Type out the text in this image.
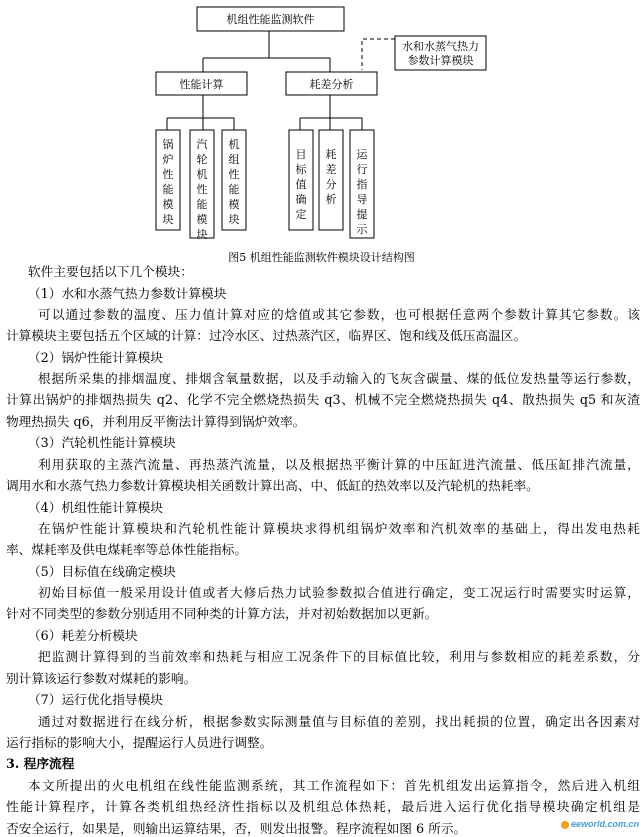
机组性能监测软件
水和水蒸气热力
参数计算模块
性能计算	耗差分析
锅
炉
性
能
模
块
汽
轮
机
性
能
模
块
机
组
性
能
模
块
目
标
值
确
定
耗
差
分
析
运
行
指
导
提
示
图5 机组性能监测软件模块设计结构图
软件主要包括以下几个模块：
（1）水和水蒸气热力参数计算模块
可以通过参数的温度、压力值计算对应的焓值或其它参数，也可根据任意两个参数计算其它参数。该
计算模块主要包括五个区域的计算：过冷水区、过热蒸汽区，临界区、饱和线及低压高温区。
（2）锅炉性能计算模块
根据所采集的排烟温度、排烟含氧量数据，以及手动输入的飞灰含碳量、煤的低位发热量等运行参数，
计算出锅炉的排烟热损失 q2、化学不完全燃烧热损失 q3、机械不完全燃烧热损失 q4、散热损失 q5 和灰渣
物理热损失 q6，并利用反平衡法计算得到锅炉效率。
（3）汽轮机性能计算模块
利用获取的主蒸汽流量、再热蒸汽流量，以及根据热平衡计算的中压缸进汽流量、低压缸排汽流量，
调用水和水蒸气热力参数计算模块相关函数计算出高、中、低缸的热效率以及汽轮机的热耗率。
（4）机组性能计算模块
在锅炉性能计算模块和汽轮机性能计算模块求得机组锅炉效率和汽机效率的基础上，得出发电热耗
率、煤耗率及供电煤耗率等总体性能指标。
（5）目标值在线确定模块
初始目标值一般采用设计值或者大修后热力试验参数拟合值进行确定，变工况运行时需要实时运算，
针对不同类型的参数分别适用不同种类的计算方法，并对初始数据加以更新。
（6）耗差分析模块
把监测计算得到的当前效率和热耗与相应工况条件下的目标值比较，利用与参数相应的耗差系数，分
别计算该运行参数对煤耗的影响。
（7）运行优化指导模块
通过对数据进行在线分析，根据参数实际测量值与目标值的差别，找出耗损的位置，确定出各因素对
运行指标的影响大小，提醒运行人员进行调整。
3. 程序流程
本文所提出的火电机组在线性能监测系统，其工作流程如下：首先机组发出运算指令，然后进入机组
性能计算程序，计算各类机组热经济性指标以及机组总体热耗，最后进入运行优化指导模块确定机组是
否安全运行，如果是，则输出运算结果，否，则发出报警。程序流程如图 6 所示。	eeworld.com.cn
